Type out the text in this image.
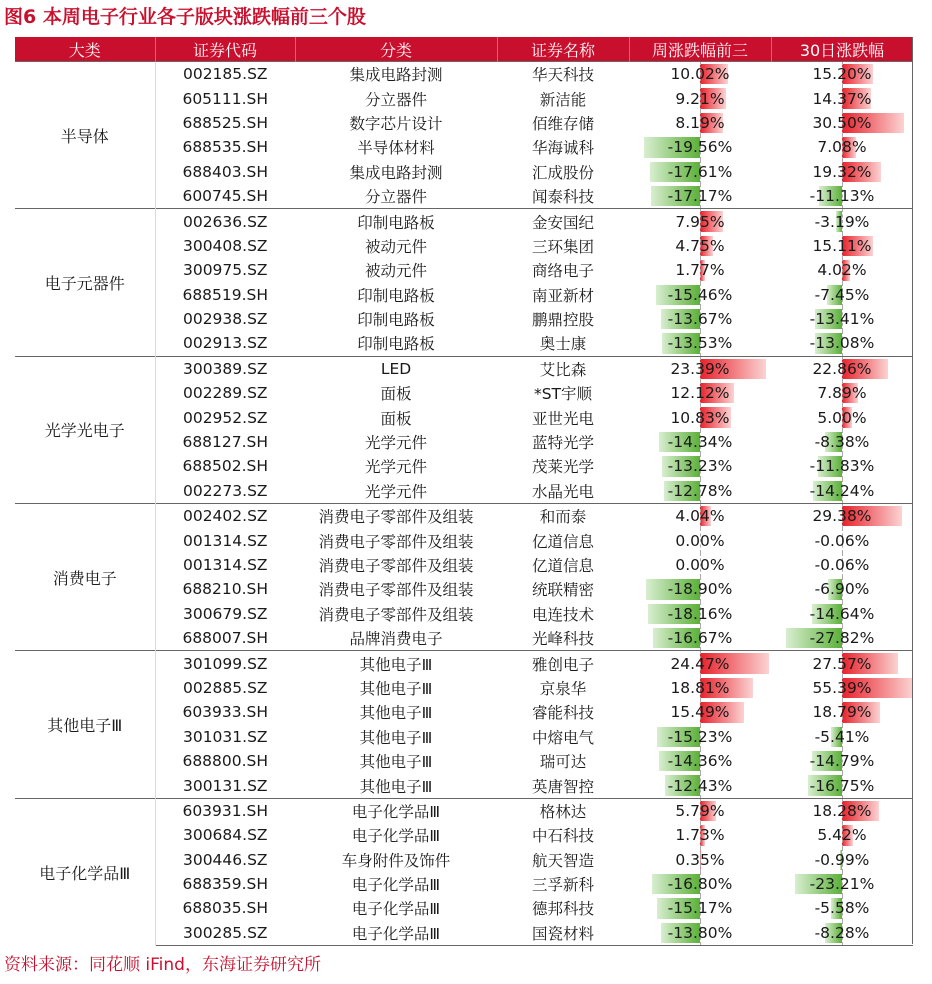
图6 本周电子行业各子版块涨跌幅前三个股
大类	证券代码	分类	证券名称	周涨跌幅前三	30日涨跌幅
半导体	002185.SZ	集成电路封测	华天科技	10.02%	15.20%
	605111.SH	分立器件	新洁能	9.21%	14.37%
	688525.SH	数字芯片设计	佰维存储	8.19%	30.50%
	688535.SH	半导体材料	华海诚科	-19.56%	7.08%
	688403.SH	集成电路封测	汇成股份	-17.61%	19.32%
	600745.SH	分立器件	闻泰科技	-17.17%	-11.13%
电子元器件	002636.SZ	印制电路板	金安国纪	7.95%	-3.19%
	300408.SZ	被动元件	三环集团	4.75%	15.11%
	300975.SZ	被动元件	商络电子	1.77%	4.02%
	688519.SH	印制电路板	南亚新材	-15.46%	-7.45%
	002938.SZ	印制电路板	鹏鼎控股	-13.67%	-13.41%
	002913.SZ	印制电路板	奥士康	-13.53%	-13.08%
光学光电子	300389.SZ	LED	艾比森	23.39%	22.86%
	002289.SZ	面板	*ST宇顺	12.12%	7.89%
	002952.SZ	面板	亚世光电	10.83%	5.00%
	688127.SH	光学元件	蓝特光学	-14.34%	-8.38%
	688502.SH	光学元件	茂莱光学	-13.23%	-11.83%
	002273.SZ	光学元件	水晶光电	-12.78%	-14.24%
消费电子	002402.SZ	消费电子零部件及组装	和而泰	4.04%	29.38%
	001314.SZ	消费电子零部件及组装	亿道信息	0.00%	-0.06%
	001314.SZ	消费电子零部件及组装	亿道信息	0.00%	-0.06%
	688210.SH	消费电子零部件及组装	统联精密	-18.90%	-6.90%
	300679.SZ	消费电子零部件及组装	电连技术	-18.16%	-14.64%
	688007.SH	品牌消费电子	光峰科技	-16.67%	-27.82%
其他电子Ⅲ	301099.SZ	其他电子Ⅲ	雅创电子	24.47%	27.57%
	002885.SZ	其他电子Ⅲ	京泉华	18.81%	55.39%
	603933.SH	其他电子Ⅲ	睿能科技	15.49%	18.79%
	301031.SZ	其他电子Ⅲ	中熔电气	-15.23%	-5.41%
	688800.SH	其他电子Ⅲ	瑞可达	-14.36%	-14.79%
	300131.SZ	其他电子Ⅲ	英唐智控	-12.43%	-16.75%
电子化学品Ⅲ	603931.SH	电子化学品Ⅲ	格林达	5.79%	18.28%
	300684.SZ	电子化学品Ⅲ	中石科技	1.73%	5.42%
	300446.SZ	车身附件及饰件	航天智造	0.35%	-0.99%
	688359.SH	电子化学品Ⅲ	三孚新科	-16.80%	-23.21%
	688035.SH	电子化学品Ⅲ	德邦科技	-15.17%	-5.58%
	300285.SZ	电子化学品Ⅲ	国瓷材料	-13.80%	-8.28%
资料来源：同花顺 iFind，东海证券研究所
